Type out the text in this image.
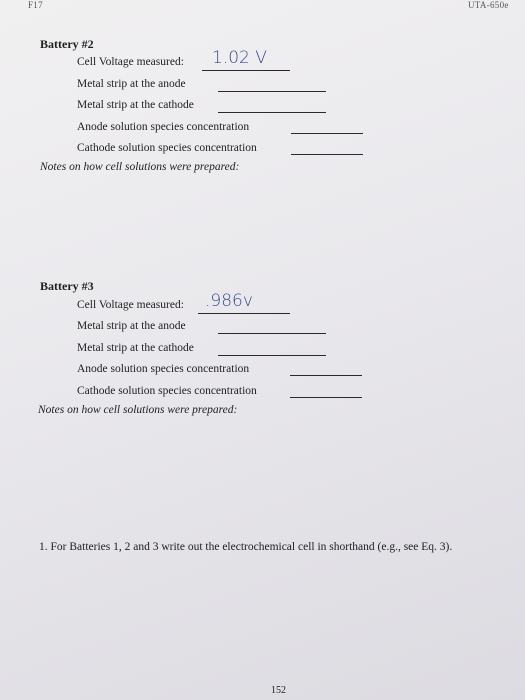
F17	UTA-650e
Battery #2
Cell Voltage measured: 1.02 V
Metal strip at the anode
Metal strip at the cathode
Anode solution species concentration
Cathode solution species concentration
Notes on how cell solutions were prepared:
Battery #3
Cell Voltage measured: .986v
Metal strip at the anode
Metal strip at the cathode
Anode solution species concentration
Cathode solution species concentration
Notes on how cell solutions were prepared:
1. For Batteries 1, 2 and 3 write out the electrochemical cell in shorthand (e.g., see Eq. 3).
152
